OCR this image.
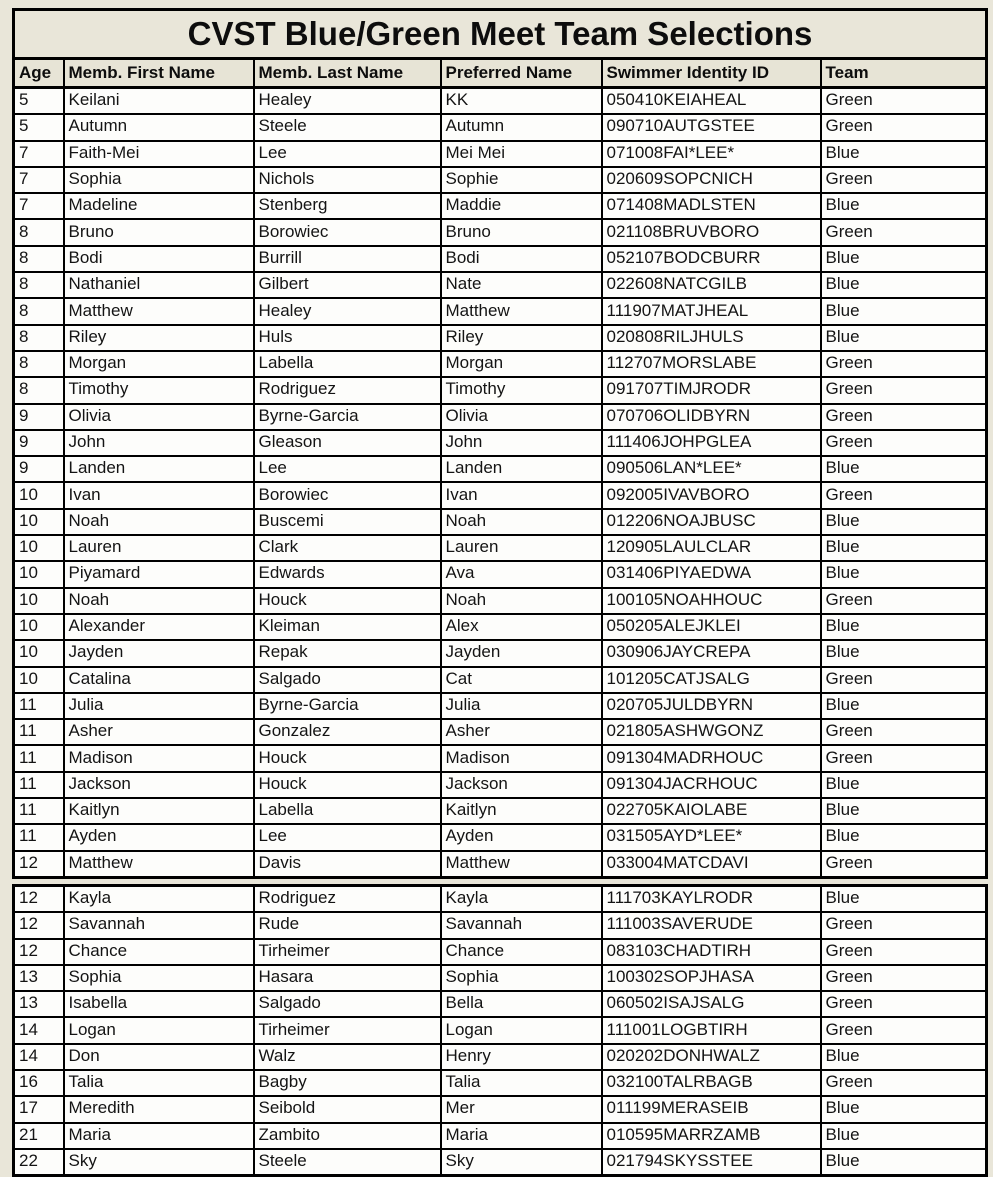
CVST Blue/Green Meet Team Selections					
Age	Memb. First Name	Memb. Last Name	Preferred Name	Swimmer Identity ID	Team
5	Keilani	Healey	KK	050410KEIAHEAL	Green
5	Autumn	Steele	Autumn	090710AUTGSTEE	Green
7	Faith-Mei	Lee	Mei Mei	071008FAI*LEE*	Blue
7	Sophia	Nichols	Sophie	020609SOPCNICH	Green
7	Madeline	Stenberg	Maddie	071408MADLSTEN	Blue
8	Bruno	Borowiec	Bruno	021108BRUVBORO	Green
8	Bodi	Burrill	Bodi	052107BODCBURR	Blue
8	Nathaniel	Gilbert	Nate	022608NATCGILB	Blue
8	Matthew	Healey	Matthew	111907MATJHEAL	Blue
8	Riley	Huls	Riley	020808RILJHULS	Blue
8	Morgan	Labella	Morgan	112707MORSLABE	Green
8	Timothy	Rodriguez	Timothy	091707TIMJRODR	Green
9	Olivia	Byrne-Garcia	Olivia	070706OLIDBYRN	Green
9	John	Gleason	John	111406JOHPGLEA	Green
9	Landen	Lee	Landen	090506LAN*LEE*	Blue
10	Ivan	Borowiec	Ivan	092005IVAVBORO	Green
10	Noah	Buscemi	Noah	012206NOAJBUSC	Blue
10	Lauren	Clark	Lauren	120905LAULCLAR	Blue
10	Piyamard	Edwards	Ava	031406PIYAEDWA	Blue
10	Noah	Houck	Noah	100105NOAHHOUC	Green
10	Alexander	Kleiman	Alex	050205ALEJKLEI	Blue
10	Jayden	Repak	Jayden	030906JAYCREPA	Blue
10	Catalina	Salgado	Cat	101205CATJSALG	Green
11	Julia	Byrne-Garcia	Julia	020705JULDBYRN	Blue
11	Asher	Gonzalez	Asher	021805ASHWGONZ	Green
11	Madison	Houck	Madison	091304MADRHOUC	Green
11	Jackson	Houck	Jackson	091304JACRHOUC	Blue
11	Kaitlyn	Labella	Kaitlyn	022705KAIOLABE	Blue
11	Ayden	Lee	Ayden	031505AYD*LEE*	Blue
12	Matthew	Davis	Matthew	033004MATCDAVI	Green
12	Kayla	Rodriguez	Kayla	111703KAYLRODR	Blue
12	Savannah	Rude	Savannah	111003SAVERUDE	Green
12	Chance	Tirheimer	Chance	083103CHADTIRH	Green
13	Sophia	Hasara	Sophia	100302SOPJHASA	Green
13	Isabella	Salgado	Bella	060502ISAJSALG	Green
14	Logan	Tirheimer	Logan	111001LOGBTIRH	Green
14	Don	Walz	Henry	020202DONHWALZ	Blue
16	Talia	Bagby	Talia	032100TALRBAGB	Green
17	Meredith	Seibold	Mer	011199MERASEIB	Blue
21	Maria	Zambito	Maria	010595MARRZAMB	Blue
22	Sky	Steele	Sky	021794SKYSSTEE	Blue
